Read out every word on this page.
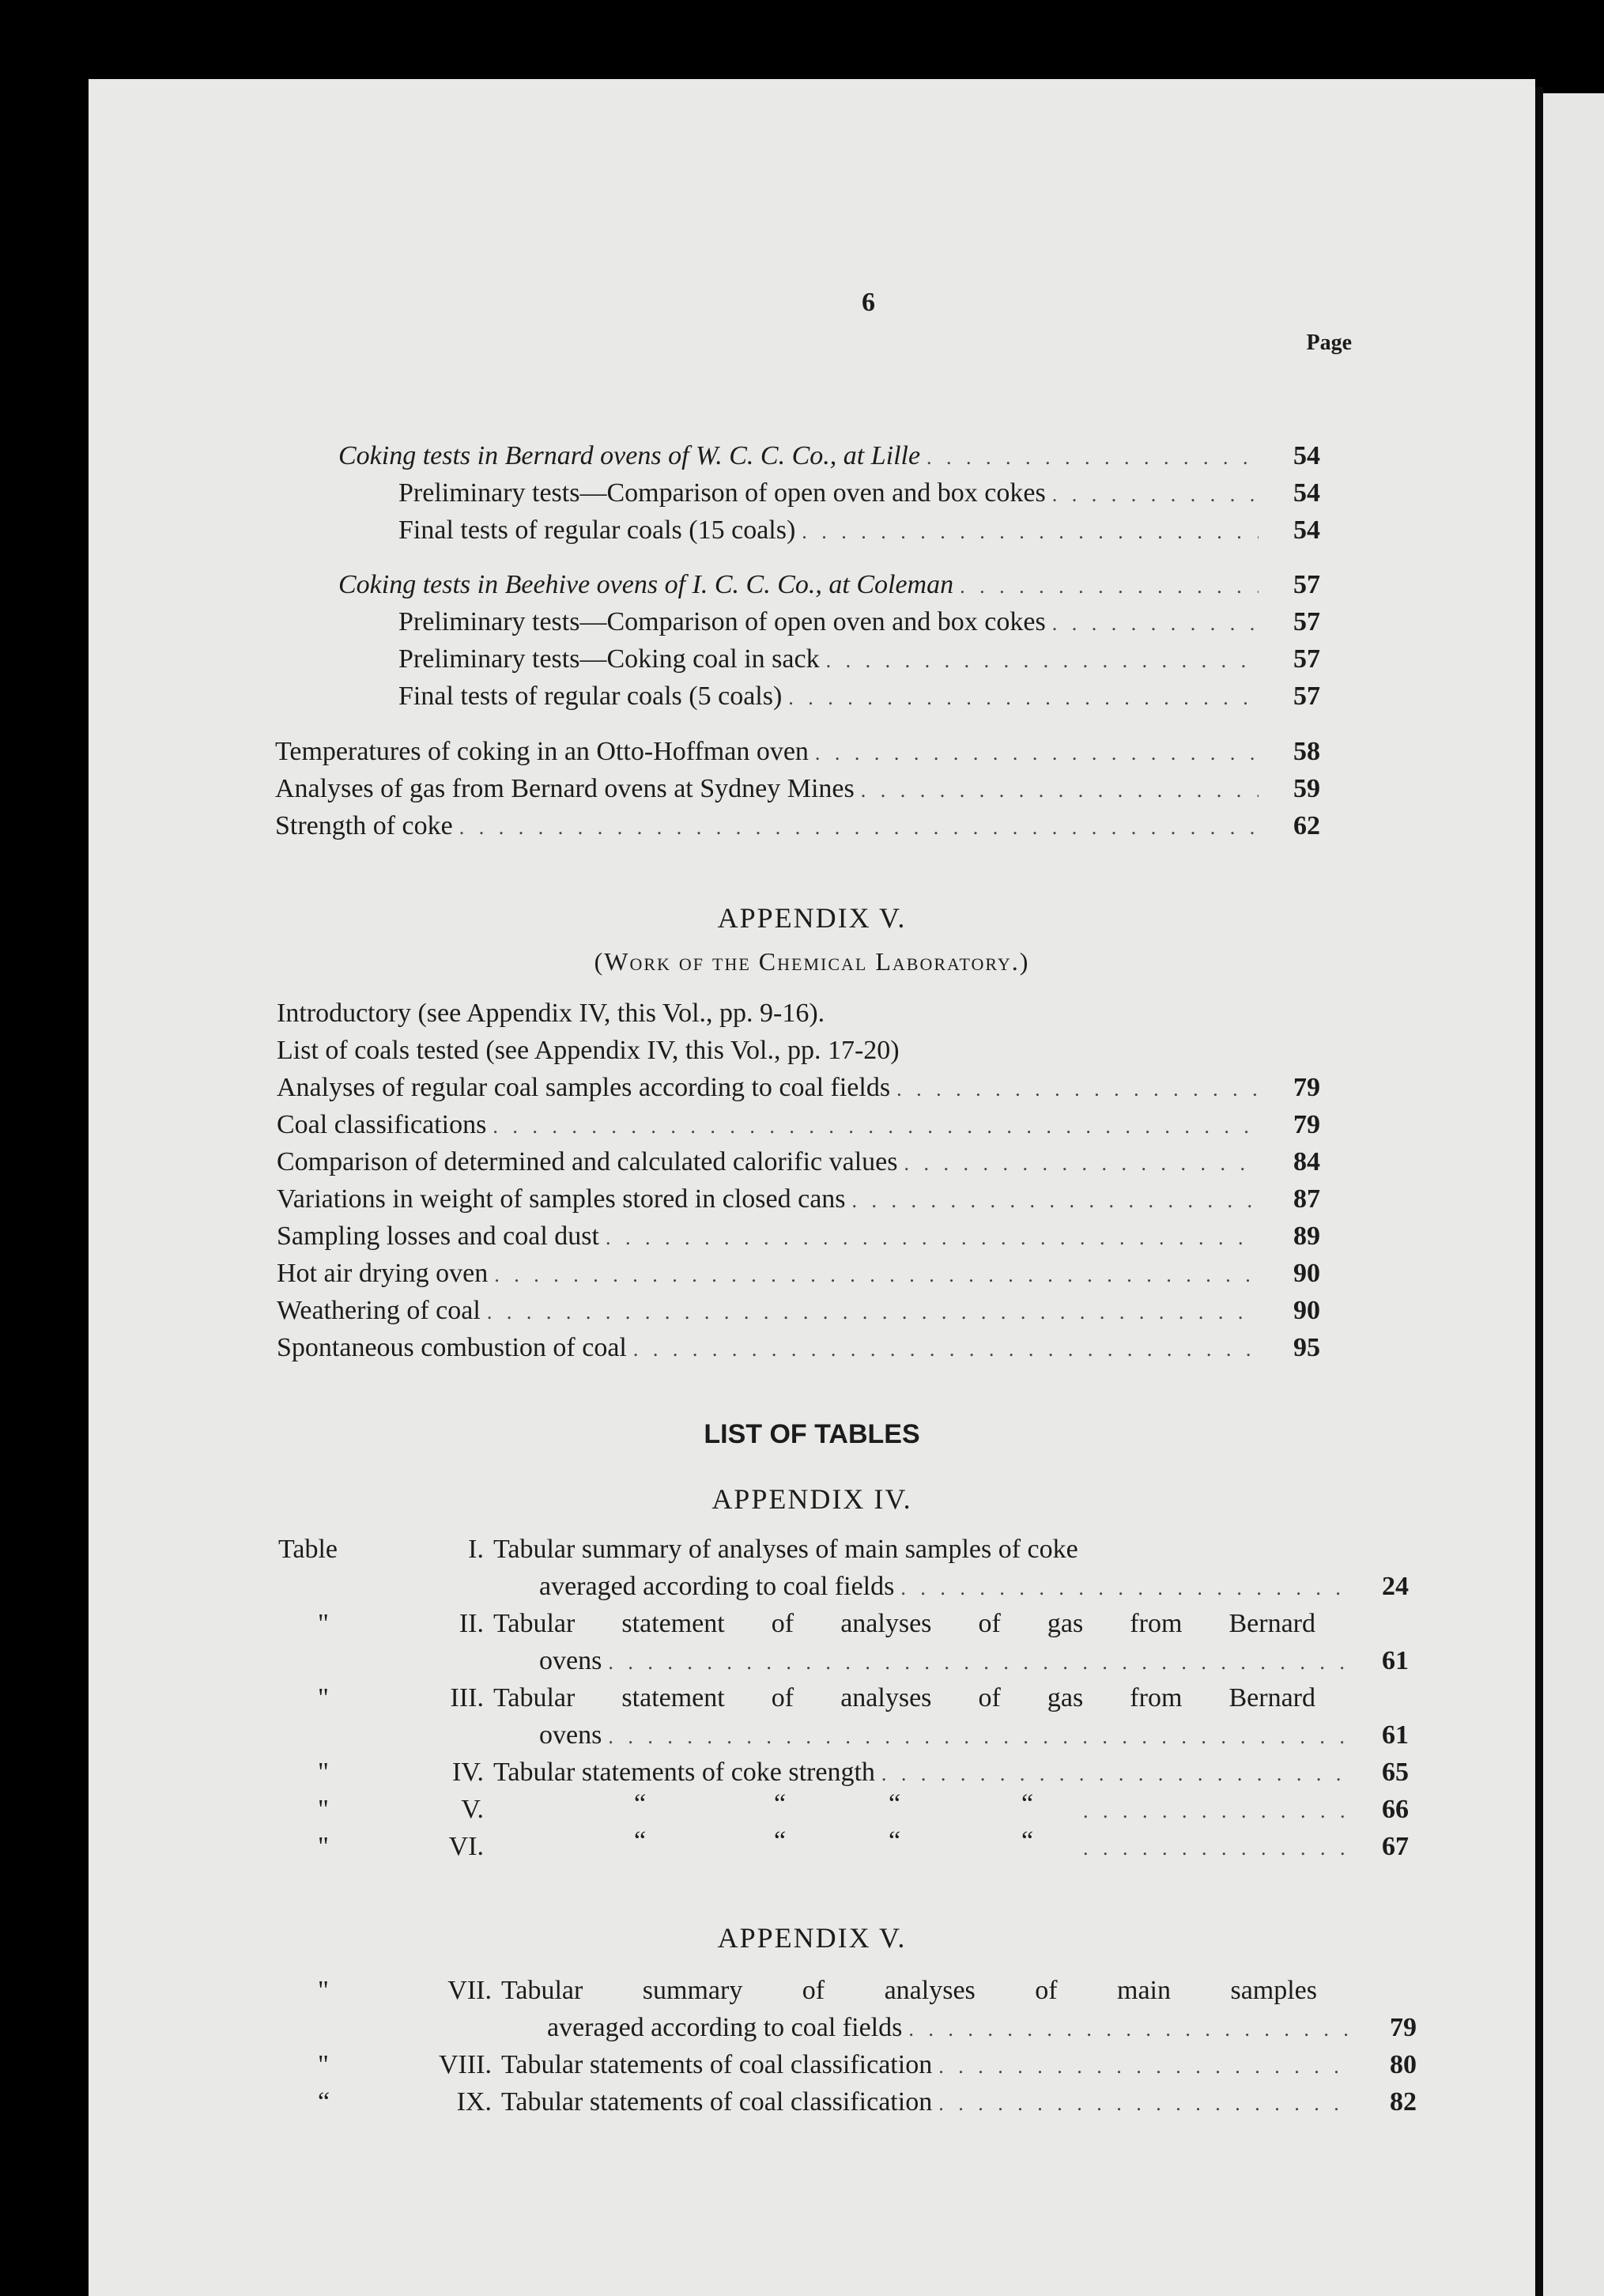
6
Page
Coking tests in Bernard ovens of W. C. C. Co., at Lille . . .	54
Preliminary tests—Comparison of open oven and box cokes . . .	54
Final tests of regular coals (15 coals) . . .	54
Coking tests in Beehive ovens of I. C. C. Co., at Coleman . . .	57
Preliminary tests—Comparison of open oven and box cokes . . .	57
Preliminary tests—Coking coal in sack . . .	57
Final tests of regular coals (5 coals) . . .	57
Temperatures of coking in an Otto-Hoffman oven . . .	58
Analyses of gas from Bernard ovens at Sydney Mines . . .	59
Strength of coke . . .	62
APPENDIX V.
(Work of the Chemical Laboratory.)
Introductory (see Appendix IV, this Vol., pp. 9-16).
List of coals tested (see Appendix IV, this Vol., pp. 17-20)
Analyses of regular coal samples according to coal fields . . .	79
Coal classifications . . .	79
Comparison of determined and calculated calorific values . . .	84
Variations in weight of samples stored in closed cans . . .	87
Sampling losses and coal dust . . .	89
Hot air drying oven . . .	90
Weathering of coal . . .	90
Spontaneous combustion of coal . . .	95
LIST OF TABLES
APPENDIX IV.
Table	I. Tabular summary of analyses of main samples of coke
averaged according to coal fields . . .	24
"	II. Tabular statement of analyses of gas from Bernard
ovens . . .	61
"	III. Tabular statement of analyses of gas from Bernard
ovens . . .	61
"	IV. Tabular statements of coke strength . . .	65
"	V.	“	“	“	“ . . .	66
"	VI.	“	“	“	“ . . .	67
APPENDIX V.
"	VII. Tabular summary of analyses of main samples
averaged according to coal fields . . .	79
"	VIII. Tabular statements of coal classification . . .	80
“	IX. Tabular statements of coal classification . . .	82
